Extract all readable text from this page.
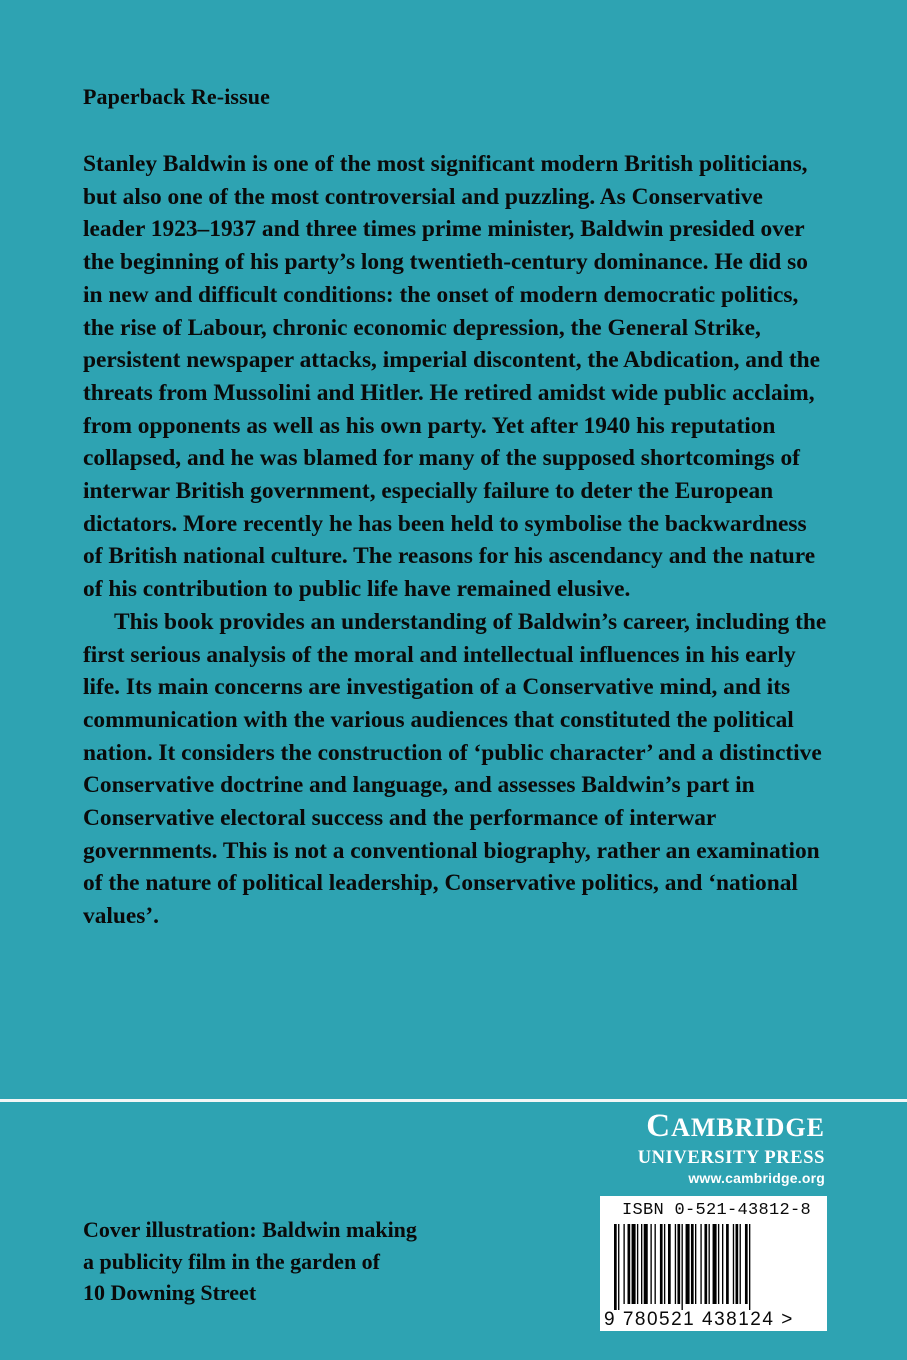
Paperback Re-issue

Stanley Baldwin is one of the most significant modern British politicians, but also one of the most controversial and puzzling. As Conservative leader 1923–1937 and three times prime minister, Baldwin presided over the beginning of his party’s long twentieth-century dominance. He did so in new and difficult conditions: the onset of modern democratic politics, the rise of Labour, chronic economic depression, the General Strike, persistent newspaper attacks, imperial discontent, the Abdication, and the threats from Mussolini and Hitler. He retired amidst wide public acclaim, from opponents as well as his own party. Yet after 1940 his reputation collapsed, and he was blamed for many of the supposed shortcomings of interwar British government, especially failure to deter the European dictators. More recently he has been held to symbolise the backwardness of British national culture. The reasons for his ascendancy and the nature of his contribution to public life have remained elusive.

This book provides an understanding of Baldwin’s career, including the first serious analysis of the moral and intellectual influences in his early life. Its main concerns are investigation of a Conservative mind, and its communication with the various audiences that constituted the political nation. It considers the construction of ‘public character’ and a distinctive Conservative doctrine and language, and assesses Baldwin’s part in Conservative electoral success and the performance of interwar governments. This is not a conventional biography, rather an examination of the nature of political leadership, Conservative politics, and ‘national values’.

CAMBRIDGE
UNIVERSITY PRESS
www.cambridge.org
Cover illustration: Baldwin making
a publicity film in the garden of
10 Downing Street
ISBN 0-521-43812-8
9 780521 438124 >
